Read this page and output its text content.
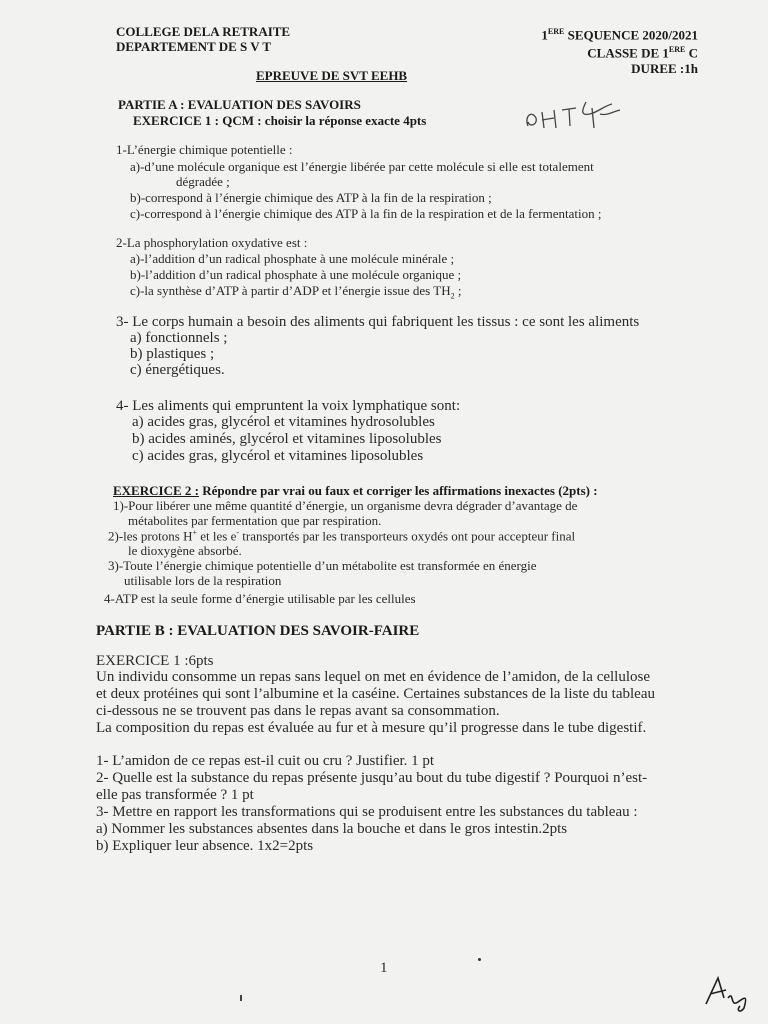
COLLEGE DELA RETRAITE
DEPARTEMENT DE S V T
1ERE SEQUENCE 2020/2021
CLASSE DE 1ERE C
DUREE :1h
EPREUVE DE SVT EEHB
PARTIE A : EVALUATION DES SAVOIRS
EXERCICE 1 : QCM : choisir la réponse exacte 4pts
1-L’énergie chimique potentielle :
a)-d’une molécule organique est l’énergie libérée par cette molécule si elle est totalement
dégradée ;
b)-correspond à l’énergie chimique des ATP à la fin de la respiration ;
c)-correspond à l’énergie chimique des ATP à la fin de la respiration et de la fermentation ;
2-La phosphorylation oxydative est :
a)-l’addition d’un radical phosphate à une molécule minérale ;
b)-l’addition d’un radical phosphate à une molécule organique ;
c)-la synthèse d’ATP à partir d’ADP et l’énergie issue des $TH_2$ ;
3- Le corps humain a besoin des aliments qui fabriquent les tissus : ce sont les aliments
a) fonctionnels ;
b) plastiques ;
c) énergétiques.
4- Les aliments qui empruntent la voix lymphatique sont:
a) acides gras, glycérol et vitamines hydrosolubles
b) acides aminés, glycérol et vitamines liposolubles
c) acides gras, glycérol et vitamines liposolubles
EXERCICE 2 : Répondre par vrai ou faux et corriger les affirmations inexactes (2pts) :
1)-Pour libérer une même quantité d’énergie, un organisme devra dégrader d’avantage de
métabolites par fermentation que par respiration.
2)-les protons H+ et les e- transportés par les transporteurs oxydés ont pour accepteur final
le dioxygène absorbé.
3)-Toute l’énergie chimique potentielle d’un métabolite est transformée en énergie
utilisable lors de la respiration
4-ATP est la seule forme d’énergie utilisable par les cellules
PARTIE B : EVALUATION DES SAVOIR-FAIRE
EXERCICE 1 :6pts
Un individu consomme un repas sans lequel on met en évidence de l’amidon, de la cellulose
et deux protéines qui sont l’albumine et la caséine. Certaines substances de la liste du tableau
ci-dessous ne se trouvent pas dans le repas avant sa consommation.
La composition du repas est évaluée au fur et à mesure qu’il progresse dans le tube digestif.
1- L’amidon de ce repas est-il cuit ou cru ? Justifier. 1 pt
2- Quelle est la substance du repas présente jusqu’au bout du tube digestif ? Pourquoi n’est-
elle pas transformée ? 1 pt
3- Mettre en rapport les transformations qui se produisent entre les substances du tableau :
a) Nommer les substances absentes dans la bouche et dans le gros intestin.2pts
b) Expliquer leur absence. 1x2=2pts
1
